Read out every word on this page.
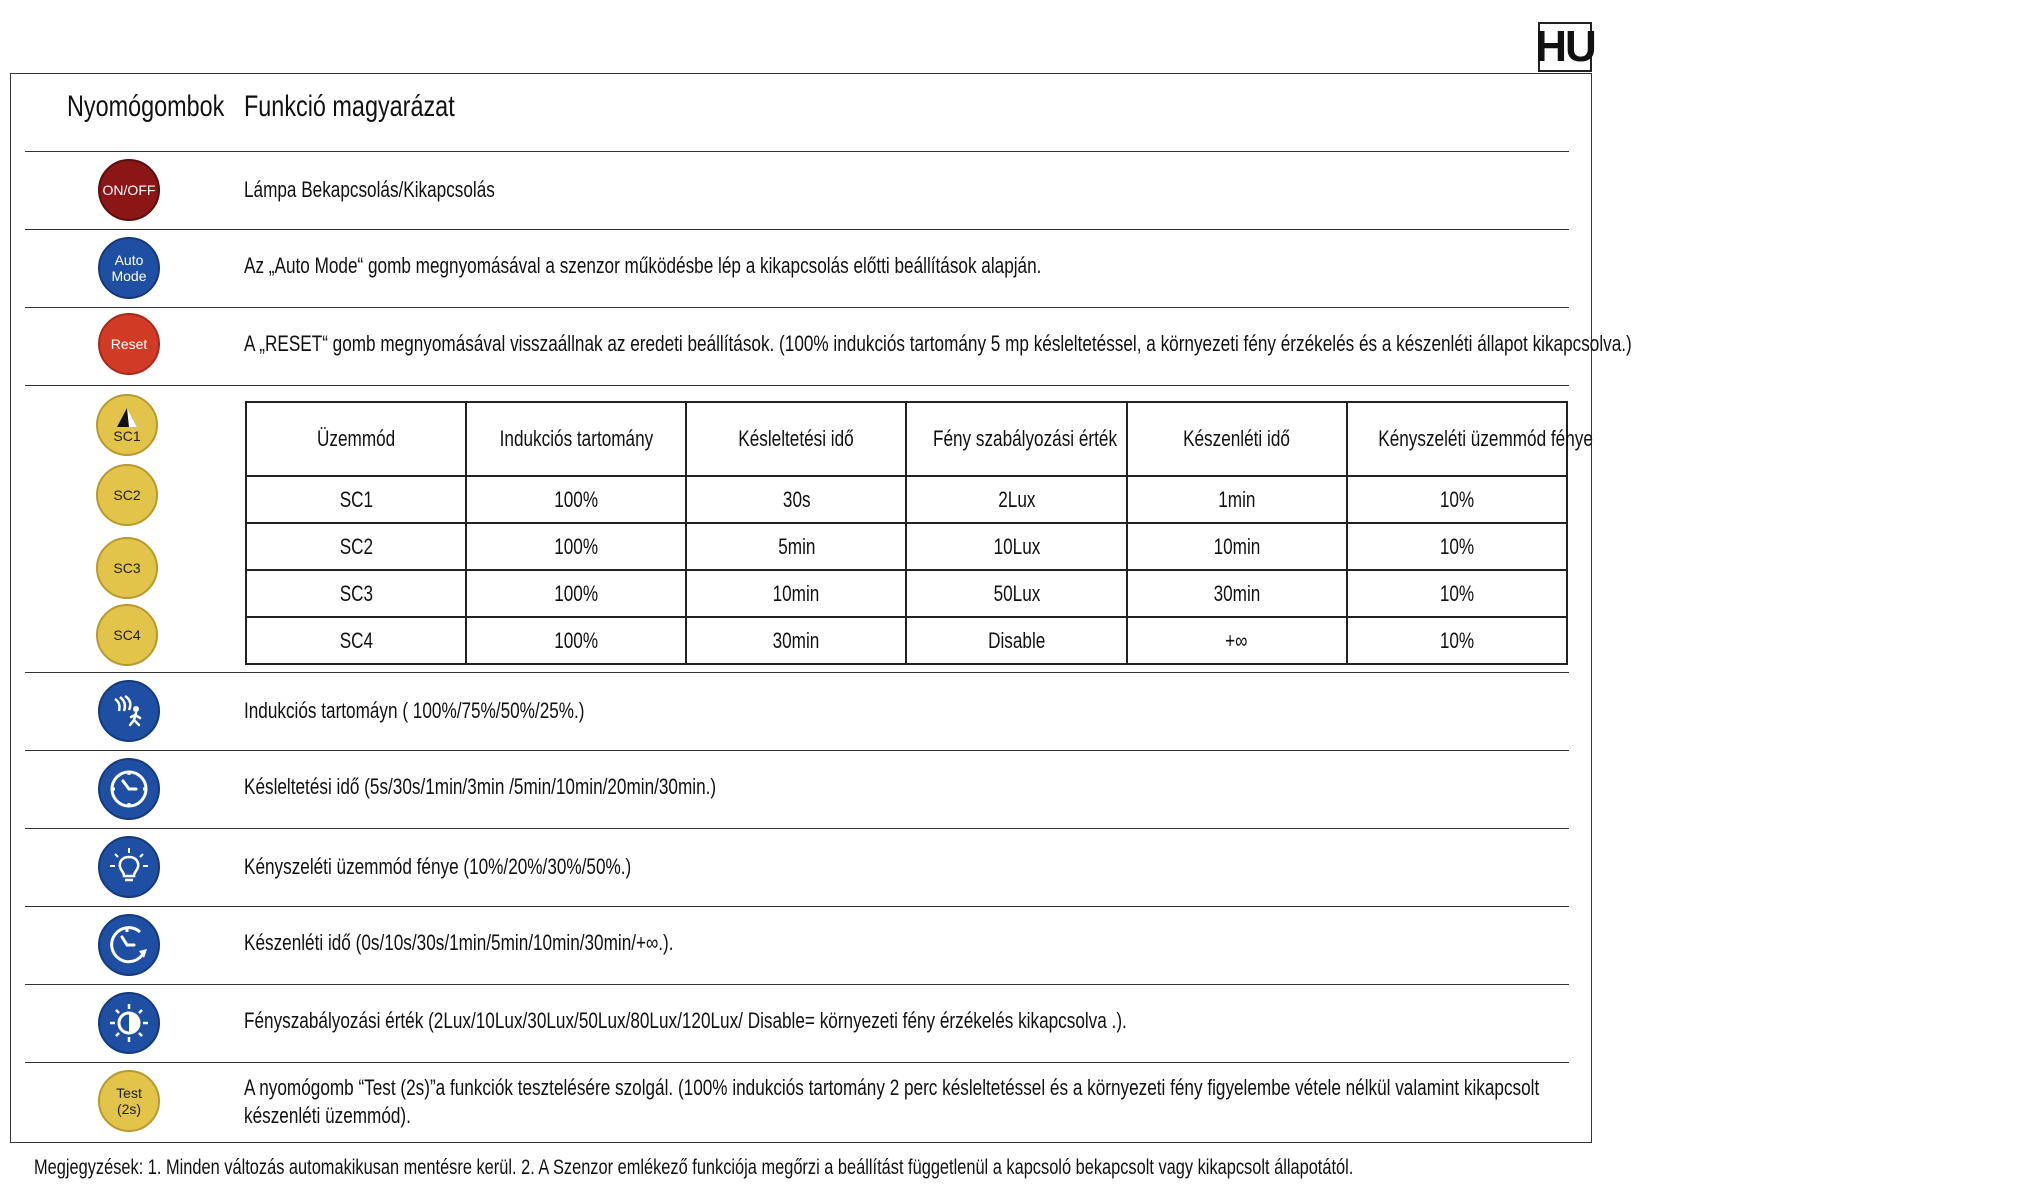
HU
Nyomógombok Funkció magyarázat
ON/OFF	Lámpa Bekapcsolás/Kikapcsolás
Auto
Mode	Az „Auto Mode“ gomb megnyomásával a szenzor működésbe lép a kikapcsolás előtti beállítások alapján.
Reset	A „RESET“ gomb megnyomásával visszaállnak az eredeti beállítások. (100% indukciós tartomány 5 mp késleltetéssel, a környezeti fény érzékelés és a készenléti állapot kikapcsolva.)
SC1
SC2
SC3
SC4
Üzemmód	Indukciós tartomány	Késleltetési idő	Fény szabályozási érték	Készenléti idő	Kényszeléti üzemmód fénye
SC1	100%	30s	2Lux	1min	10%
SC2	100%	5min	10Lux	10min	10%
SC3	100%	10min	50Lux	30min	10%
SC4	100%	30min	Disable	+∞	10%
Indukciós tartomáyn ( 100%/75%/50%/25%.)
Késleltetési idő (5s/30s/1min/3min /5min/10min/20min/30min.)
Kényszeléti üzemmód fénye (10%/20%/30%/50%.)
Készenléti idő (0s/10s/30s/1min/5min/10min/30min/+∞.).
Fényszabályozási érték (2Lux/10Lux/30Lux/50Lux/80Lux/120Lux/ Disable= környezeti fény érzékelés kikapcsolva .).
Test
(2s)
A nyomógomb “Test (2s)”a funkciók tesztelésére szolgál. (100% indukciós tartomány 2 perc késleltetéssel és a környezeti fény figyelembe vétele nélkül valamint kikapcsolt
készenléti üzemmód).
Megjegyzések: 1. Minden változás automakikusan mentésre kerül. 2. A Szenzor emlékező funkciója megőrzi a beállítást függetlenül a kapcsoló bekapcsolt vagy kikapcsolt állapotától.
